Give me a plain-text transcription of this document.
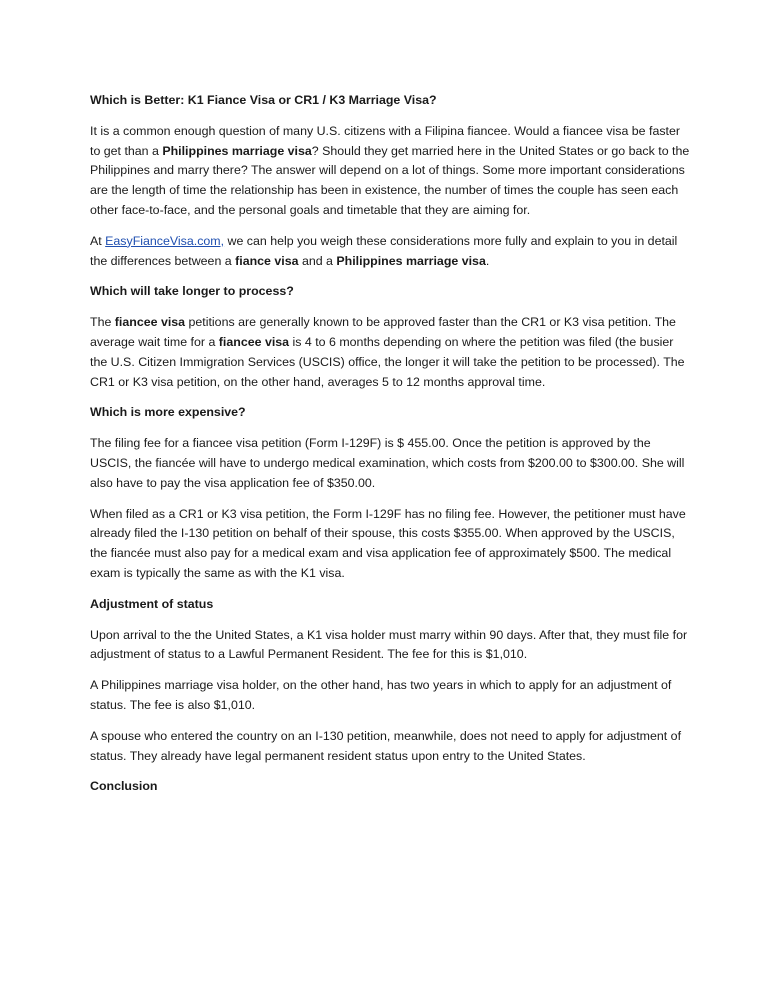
Which is Better: K1 Fiance Visa or CR1 / K3 Marriage Visa?

It is a common enough question of many U.S. citizens with a Filipina fiancee. Would a fiancee visa be faster to get than a Philippines marriage visa? Should they get married here in the United States or go back to the Philippines and marry there? The answer will depend on a lot of things. Some more important considerations are the length of time the relationship has been in existence, the number of times the couple has seen each other face-to-face, and the personal goals and timetable that they are aiming for.

At EasyFianceVisa.com, we can help you weigh these considerations more fully and explain to you in detail the differences between a fiance visa and a Philippines marriage visa.

Which will take longer to process?

The fiancee visa petitions are generally known to be approved faster than the CR1 or K3 visa petition. The average wait time for a fiancee visa is 4 to 6 months depending on where the petition was filed (the busier the U.S. Citizen Immigration Services (USCIS) office, the longer it will take the petition to be processed). The CR1 or K3 visa petition, on the other hand, averages 5 to 12 months approval time.

Which is more expensive?

The filing fee for a fiancee visa petition (Form I-129F) is $ 455.00. Once the petition is approved by the USCIS, the fiancée will have to undergo medical examination, which costs from $200.00 to $300.00. She will also have to pay the visa application fee of $350.00.

When filed as a CR1 or K3 visa petition, the Form I-129F has no filing fee. However, the petitioner must have already filed the I-130 petition on behalf of their spouse, this costs $355.00. When approved by the USCIS, the fiancée must also pay for a medical exam and visa application fee of approximately $500. The medical exam is typically the same as with the K1 visa.

Adjustment of status

Upon arrival to the the United States, a K1 visa holder must marry within 90 days. After that, they must file for adjustment of status to a Lawful Permanent Resident. The fee for this is $1,010.

A Philippines marriage visa holder, on the other hand, has two years in which to apply for an adjustment of status. The fee is also $1,010.

A spouse who entered the country on an I-130 petition, meanwhile, does not need to apply for adjustment of status. They already have legal permanent resident status upon entry to the United States.

Conclusion
